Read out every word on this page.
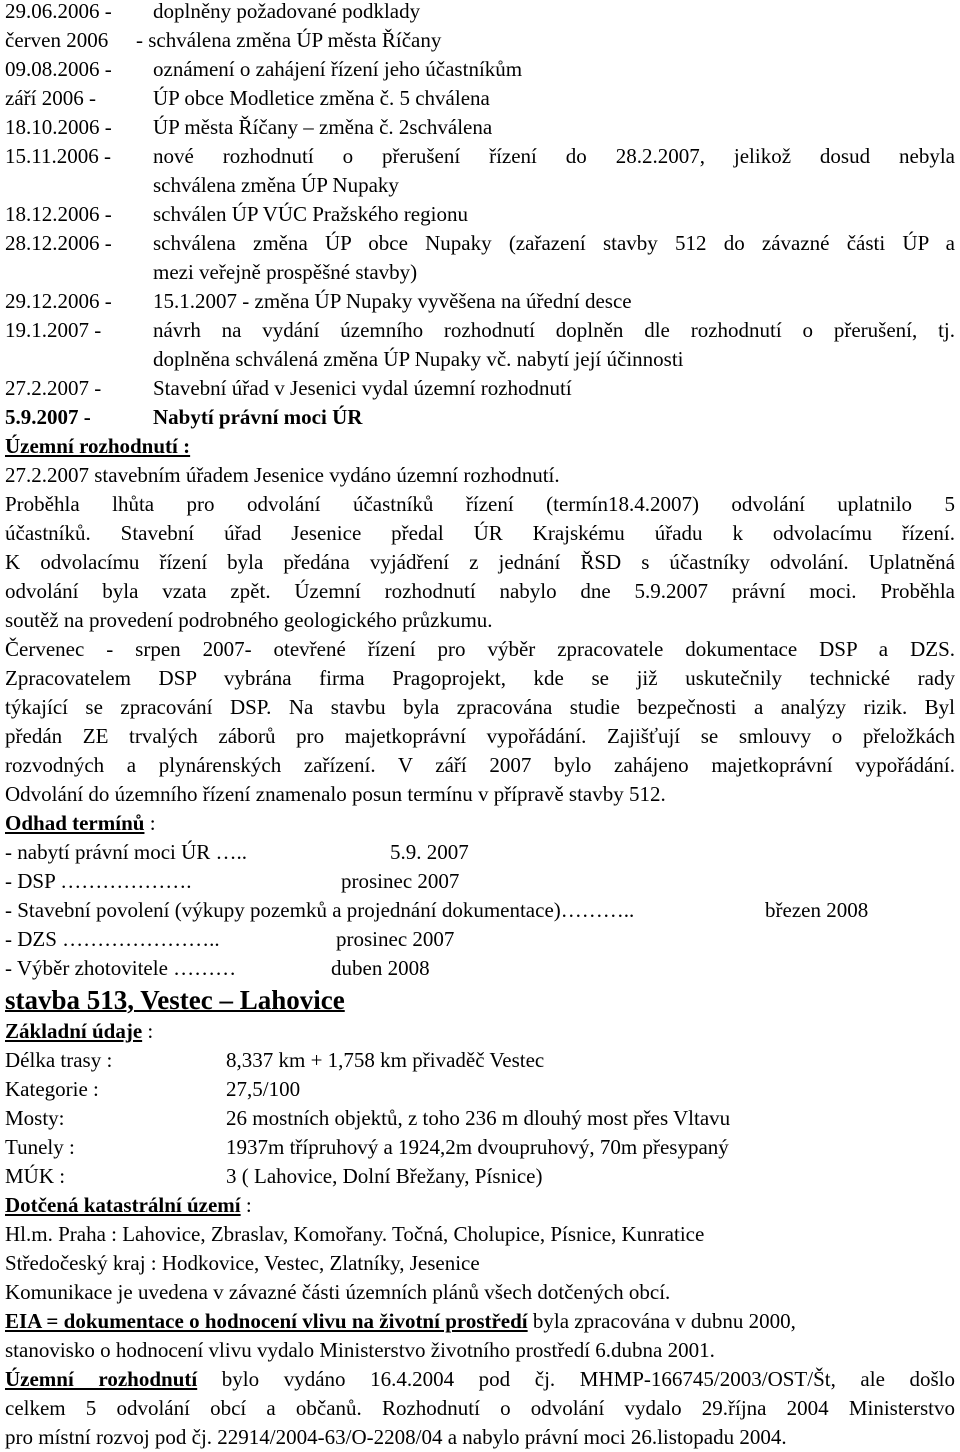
29.06.2006 -	doplněny požadované podklady
červen 2006	- schválena změna ÚP města Říčany
09.08.2006 -	oznámení o zahájení řízení jeho účastníkům
září 2006 -	ÚP obce Modletice změna č. 5 chválena
18.10.2006 -	ÚP města Říčany – změna č. 2schválena
15.11.2006 -	nové rozhodnutí o přerušení řízení do 28.2.2007, jelikož dosud nebyla
schválena změna ÚP Nupaky
18.12.2006 -	schválen ÚP VÚC Pražského regionu
28.12.2006 -	schválena změna ÚP obce Nupaky (zařazení stavby 512 do závazné části ÚP a
mezi veřejně prospěšné stavby)
29.12.2006 -	15.1.2007 - změna ÚP Nupaky vyvěšena na úřední desce
19.1.2007 -	návrh na vydání územního rozhodnutí doplněn dle rozhodnutí o přerušení, tj.
doplněna schválená změna ÚP Nupaky vč. nabytí její účinnosti
27.2.2007 -	Stavební úřad v Jesenici vydal územní rozhodnutí
5.9.2007 -	Nabytí právní moci ÚR
Územní rozhodnutí :
27.2.2007 stavebním úřadem Jesenice vydáno územní rozhodnutí.
Proběhla lhůta pro odvolání účastníků řízení (termín18.4.2007) odvolání uplatnilo 5
účastníků. Stavební úřad Jesenice předal ÚR Krajskému úřadu k odvolacímu řízení.
K odvolacímu řízení byla předána vyjádření z jednání ŘSD s účastníky odvolání. Uplatněná
odvolání byla vzata zpět. Územní rozhodnutí nabylo dne 5.9.2007 právní moci. Proběhla
soutěž na provedení podrobného geologického průzkumu.
Červenec - srpen 2007- otevřené řízení pro výběr zpracovatele dokumentace DSP a DZS.
Zpracovatelem DSP vybrána firma Pragoprojekt, kde se již uskutečnily technické rady
týkající se zpracování DSP. Na stavbu byla zpracována studie bezpečnosti a analýzy rizik. Byl
předán ZE trvalých záborů pro majetkoprávní vypořádání. Zajišťují se smlouvy o přeložkách
rozvodných a plynárenských zařízení. V září 2007 bylo zahájeno majetkoprávní vypořádání.
Odvolání do územního řízení znamenalo posun termínu v přípravě stavby 512.
Odhad termínů :
- nabytí právní moci ÚR …..	5.9. 2007
- DSP ……………….	prosinec 2007
- Stavební povolení (výkupy pozemků a projednání dokumentace)………..	březen 2008
- DZS …………………..	prosinec 2007
- Výběr zhotovitele ………	duben 2008
stavba 513, Vestec – Lahovice
Základní údaje :
Délka trasy :	8,337 km + 1,758 km přivaděč Vestec
Kategorie :	27,5/100
Mosty:	26 mostních objektů, z toho 236 m dlouhý most přes Vltavu
Tunely :	1937m třípruhový a 1924,2m dvoupruhový, 70m přesypaný
MÚK :	3 ( Lahovice, Dolní Břežany, Písnice)
Dotčená katastrální území :
Hl.m. Praha : Lahovice, Zbraslav, Komořany. Točná, Cholupice, Písnice, Kunratice
Středočeský kraj : Hodkovice, Vestec, Zlatníky, Jesenice
Komunikace je uvedena v závazné části územních plánů všech dotčených obcí.
EIA = dokumentace o hodnocení vlivu na životní prostředí byla zpracována v dubnu 2000,
stanovisko o hodnocení vlivu vydalo Ministerstvo životního prostředí 6.dubna 2001.
Územní rozhodnutí bylo vydáno 16.4.2004 pod čj. MHMP-166745/2003/OST/Št, ale došlo
celkem 5 odvolání obcí a občanů. Rozhodnutí o odvolání vydalo 29.října 2004 Ministerstvo
pro místní rozvoj pod čj. 22914/2004-63/O-2208/04 a nabylo právní moci 26.listopadu 2004.
